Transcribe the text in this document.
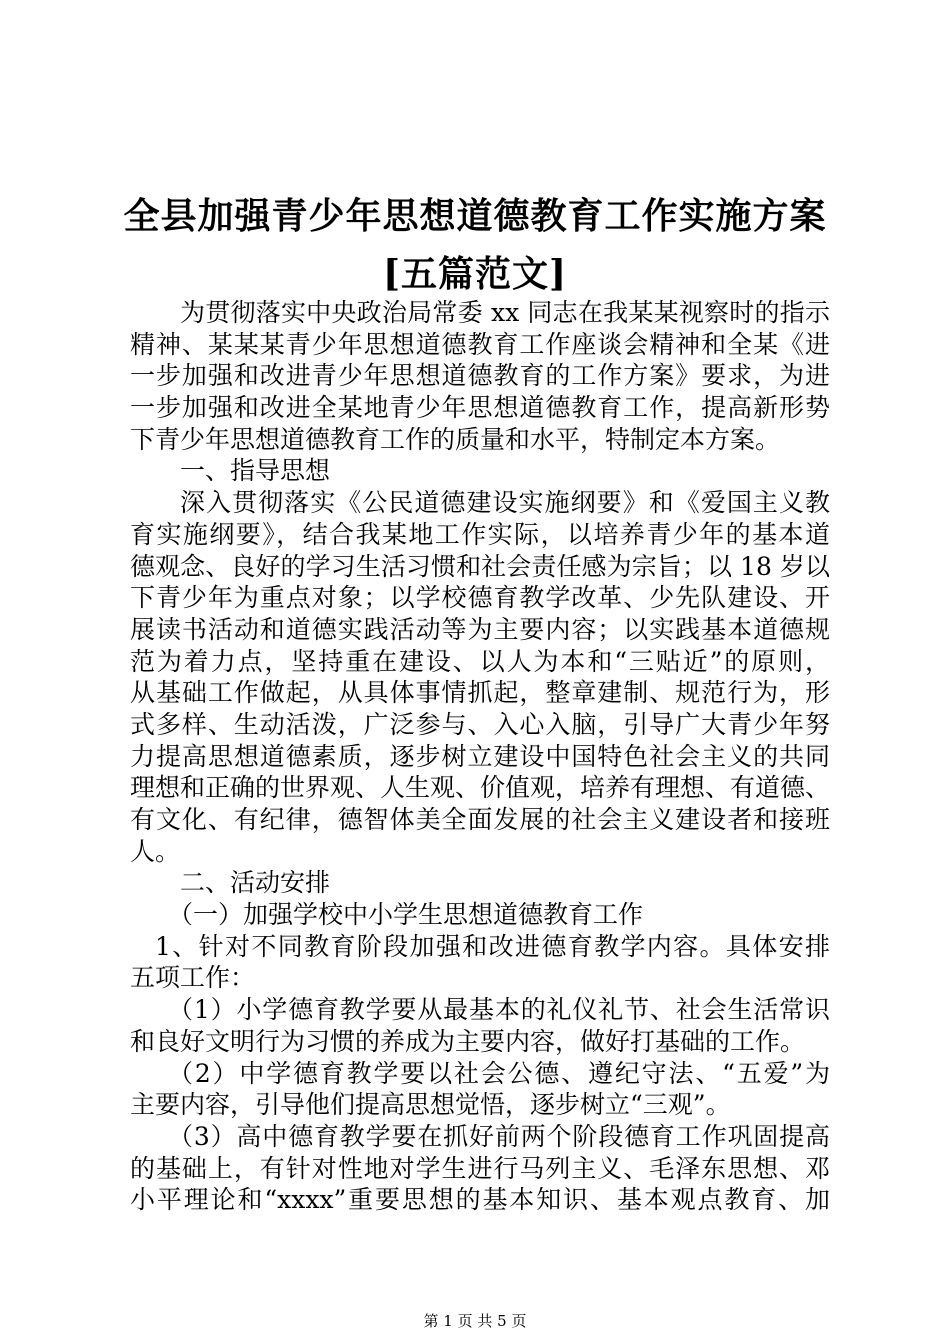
全县加强青少年思想道德教育工作实施方案
[五篇范文]
为贯彻落实中央政治局常委 xx 同志在我某某视察时的指示
精神、某某某青少年思想道德教育工作座谈会精神和全某《进
一步加强和改进青少年思想道德教育的工作方案》要求，为进
一步加强和改进全某地青少年思想道德教育工作，提高新形势
下青少年思想道德教育工作的质量和水平，特制定本方案。
一、指导思想
深入贯彻落实《公民道德建设实施纲要》和《爱国主义教
育实施纲要》，结合我某地工作实际，以培养青少年的基本道
德观念、良好的学习生活习惯和社会责任感为宗旨；以 18 岁以
下青少年为重点对象；以学校德育教学改革、少先队建设、开
展读书活动和道德实践活动等为主要内容；以实践基本道德规
范为着力点，坚持重在建设、以人为本和“三贴近”的原则，
从基础工作做起，从具体事情抓起，整章建制、规范行为，形
式多样、生动活泼，广泛参与、入心入脑，引导广大青少年努
力提高思想道德素质，逐步树立建设中国特色社会主义的共同
理想和正确的世界观、人生观、价值观，培养有理想、有道德、
有文化、有纪律，德智体美全面发展的社会主义建设者和接班
人。
二、活动安排
（一）加强学校中小学生思想道德教育工作
1、针对不同教育阶段加强和改进德育教学内容。具体安排
五项工作：
（1）小学德育教学要从最基本的礼仪礼节、社会生活常识
和良好文明行为习惯的养成为主要内容，做好打基础的工作。
（2）中学德育教学要以社会公德、遵纪守法、“五爱”为
主要内容，引导他们提高思想觉悟，逐步树立“三观”。
（3）高中德育教学要在抓好前两个阶段德育工作巩固提高
的基础上，有针对性地对学生进行马列主义、毛泽东思想、邓
小平理论和“xxxx”重要思想的基本知识、基本观点教育、加
第 1 页 共 5 页
